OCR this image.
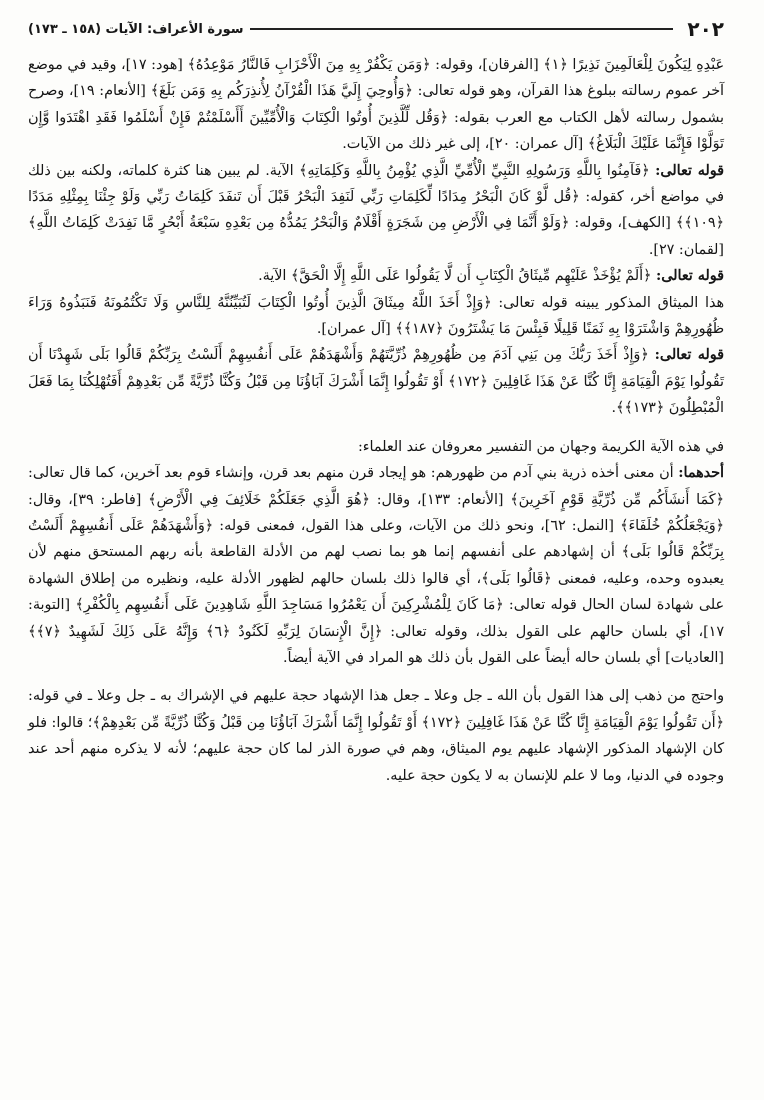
٢٠٢
سورة الأعراف: الآيات (١٥٨ ـ ١٧٣)

عَبْدِهِ لِيَكُونَ لِلْعَالَمِينَ نَذِيرًا ﴿١﴾ [الفرقان]، وقوله: ﴿وَمَن يَكْفُرْ بِهِ مِنَ الْأَحْزَابِ فَالنَّارُ مَوْعِدُهُ﴾ [هود: ١٧]، وقيد في موضع آخر عموم رسالته ببلوغ هذا القرآن، وهو قوله تعالى: ﴿وَأُوحِيَ إِلَيَّ هَذَا الْقُرْآنُ لِأُنذِرَكُم بِهِ وَمَن بَلَغَ﴾ [الأنعام: ١٩]، وصرح بشمول رسالته لأهل الكتاب مع العرب بقوله: ﴿وَقُل لِّلَّذِينَ أُوتُوا الْكِتَابَ وَالْأُمِّيِّينَ أَأَسْلَمْتُمْ فَإِنْ أَسْلَمُوا فَقَدِ اهْتَدَوا وَّإِن تَوَلَّوْا فَإِنَّمَا عَلَيْكَ الْبَلَاغُ﴾ [آل عمران: ٢٠]، إلى غير ذلك من الآيات.

قوله تعالى: ﴿فَآمِنُوا بِاللَّهِ وَرَسُولِهِ النَّبِيِّ الْأُمِّيِّ الَّذِي يُؤْمِنُ بِاللَّهِ وَكَلِمَاتِهِ﴾ الآية. لم يبين هنا كثرة كلماته، ولكنه بين ذلك في مواضع أخر، كقوله: ﴿قُل لَّوْ كَانَ الْبَحْرُ مِدَادًا لِّكَلِمَاتِ رَبِّي لَنَفِدَ الْبَحْرُ قَبْلَ أَن تَنفَدَ كَلِمَاتُ رَبِّي وَلَوْ جِئْنَا بِمِثْلِهِ مَدَدًا ﴿١٠٩﴾﴾ [الكهف]، وقوله: ﴿وَلَوْ أَنَّمَا فِي الْأَرْضِ مِن شَجَرَةٍ أَقْلَامٌ وَالْبَحْرُ يَمُدُّهُ مِن بَعْدِهِ سَبْعَةُ أَبْحُرٍ مَّا نَفِدَتْ كَلِمَاتُ اللَّهِ﴾ [لقمان: ٢٧].

قوله تعالى: ﴿أَلَمْ يُؤْخَذْ عَلَيْهِم مِّيثَاقُ الْكِتَابِ أَن لَّا يَقُولُوا عَلَى اللَّهِ إِلَّا الْحَقَّ﴾ الآية.

هذا الميثاق المذكور يبينه قوله تعالى: ﴿وَإِذْ أَخَذَ اللَّهُ مِيثَاقَ الَّذِينَ أُوتُوا الْكِتَابَ لَتُبَيِّنُنَّهُ لِلنَّاسِ وَلَا تَكْتُمُونَهُ فَنَبَذُوهُ وَرَاءَ ظُهُورِهِمْ وَاشْتَرَوْا بِهِ ثَمَنًا قَلِيلًا فَبِئْسَ مَا يَشْتَرُونَ ﴿١٨٧﴾﴾ [آل عمران].

قوله تعالى: ﴿وَإِذْ أَخَذَ رَبُّكَ مِن بَنِي آدَمَ مِن ظُهُورِهِمْ ذُرِّيَّتَهُمْ وَأَشْهَدَهُمْ عَلَى أَنفُسِهِمْ أَلَسْتُ بِرَبِّكُمْ قَالُوا بَلَى شَهِدْنَا أَن تَقُولُوا يَوْمَ الْقِيَامَةِ إِنَّا كُنَّا عَنْ هَذَا غَافِلِينَ ﴿١٧٢﴾ أَوْ تَقُولُوا إِنَّمَا أَشْرَكَ آبَاؤُنَا مِن قَبْلُ وَكُنَّا ذُرِّيَّةً مِّن بَعْدِهِمْ أَفَتُهْلِكُنَا بِمَا فَعَلَ الْمُبْطِلُونَ ﴿١٧٣﴾﴾.

في هذه الآية الكريمة وجهان من التفسير معروفان عند العلماء:

أحدهما: أن معنى أخذه ذرية بني آدم من ظهورهم: هو إيجاد قرن منهم بعد قرن، وإنشاء قوم بعد آخرين، كما قال تعالى: ﴿كَمَا أَنشَأَكُم مِّن ذُرِّيَّةِ قَوْمٍ آخَرِينَ﴾ [الأنعام: ١٣٣]، وقال: ﴿هُوَ الَّذِي جَعَلَكُمْ خَلَائِفَ فِي الْأَرْضِ﴾ [فاطر: ٣٩]، وقال: ﴿وَيَجْعَلُكُمْ خُلَفَاءَ﴾ [النمل: ٦٢]، ونحو ذلك من الآيات، وعلى هذا القول، فمعنى قوله: ﴿وَأَشْهَدَهُمْ عَلَى أَنفُسِهِمْ أَلَسْتُ بِرَبِّكُمْ قَالُوا بَلَى﴾ أن إشهادهم على أنفسهم إنما هو بما نصب لهم من الأدلة القاطعة بأنه ربهم المستحق منهم لأن يعبدوه وحده، وعليه، فمعنى ﴿قَالُوا بَلَى﴾، أي قالوا ذلك بلسان حالهم لظهور الأدلة عليه، ونظيره من إطلاق الشهادة على شهادة لسان الحال قوله تعالى: ﴿مَا كَانَ لِلْمُشْرِكِينَ أَن يَعْمُرُوا مَسَاجِدَ اللَّهِ شَاهِدِينَ عَلَى أَنفُسِهِم بِالْكُفْرِ﴾ [التوبة: ١٧]، أي بلسان حالهم على القول بذلك، وقوله تعالى: ﴿إِنَّ الْإِنسَانَ لِرَبِّهِ لَكَنُودٌ ﴿٦﴾ وَإِنَّهُ عَلَى ذَلِكَ لَشَهِيدٌ ﴿٧﴾﴾ [العاديات] أي بلسان حاله أيضاً على القول بأن ذلك هو المراد في الآية أيضاً.

واحتج من ذهب إلى هذا القول بأن الله ـ جل وعلا ـ جعل هذا الإشهاد حجة عليهم في الإشراك به ـ جل وعلا ـ في قوله: ﴿أَن تَقُولُوا يَوْمَ الْقِيَامَةِ إِنَّا كُنَّا عَنْ هَذَا غَافِلِينَ ﴿١٧٢﴾ أَوْ تَقُولُوا إِنَّمَا أَشْرَكَ آبَاؤُنَا مِن قَبْلُ وَكُنَّا ذُرِّيَّةً مِّن بَعْدِهِمْ﴾؛ قالوا: فلو كان الإشهاد المذكور الإشهاد عليهم يوم الميثاق، وهم في صورة الذر لما كان حجة عليهم؛ لأنه لا يذكره منهم أحد عند وجوده في الدنيا، وما لا علم للإنسان به لا يكون حجة عليه.
